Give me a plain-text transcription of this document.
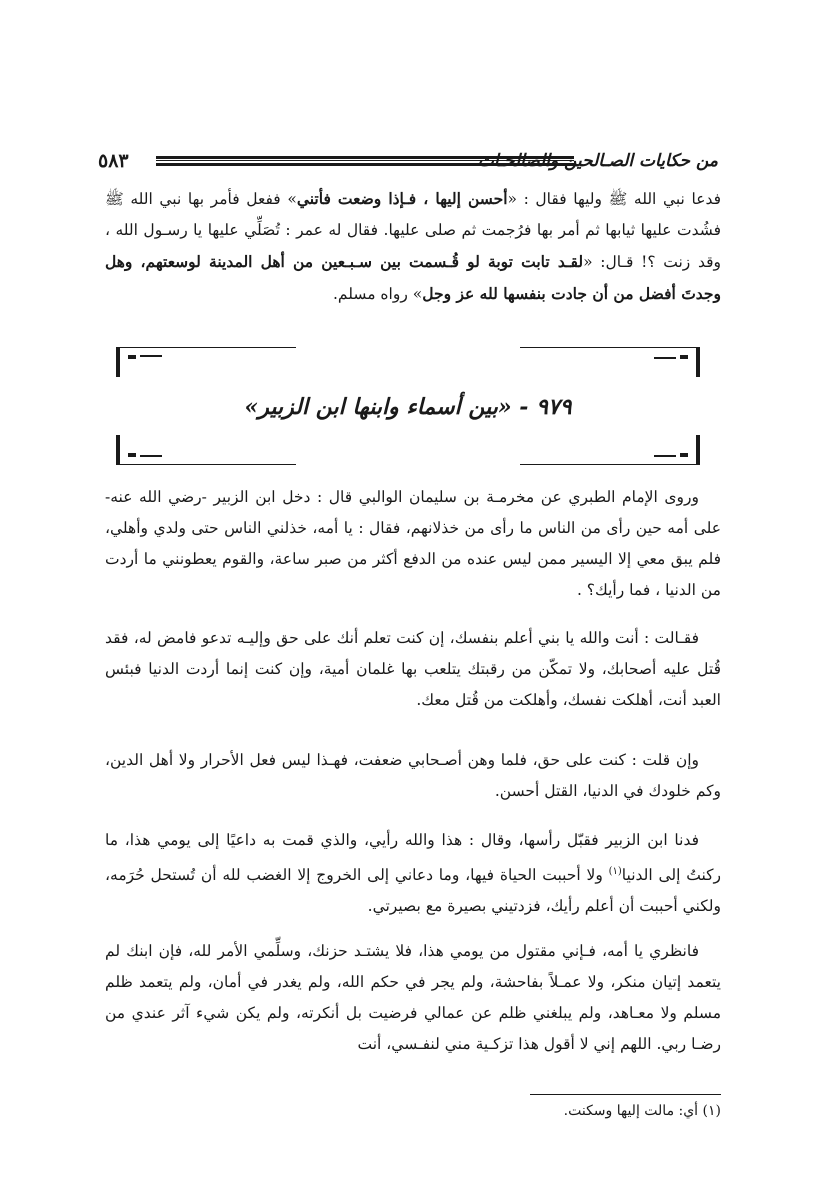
٥٨٣	من حكايات الصـالحين والصالحـات

فدعا نبي الله ﷺ وليها فقال : «أحسن إليها ، فـإذا وضعت فأتني» ففعل فأمر بها نبي الله ﷺ فشُدت عليها ثيابها ثم أمر بها فرُجمت ثم صلى عليها. فقال له عمر : تُصَلِّي عليها يا رسـول الله ، وقد زنت ؟! قـال: «لقـد تابت توبة لو قُـسمت بين سـبـعين من أهل المدينة لوسعتهم، وهل وجدتَ أفضل من أن جادت بنفسها لله عز وجل» رواه مسلم.

٩٧٩ - «بين أسماء وابنها ابن الزبير»

وروى الإمام الطبري عن مخرمـة بن سليمان الوالبي قال : دخل ابن الزبير -رضي الله عنه- على أمه حين رأى من الناس ما رأى من خذلانهم، فقال : يا أمه، خذلني الناس حتى ولدي وأهلي، فلم يبق معي إلا اليسير ممن ليس عنده من الدفع أكثر من صبر ساعة، والقوم يعطونني ما أردت من الدنيا ، فما رأيك؟ .

فقـالت : أنت والله يا بني أعلم بنفسك، إن كنت تعلم أنك على حق وإليـه تدعو فامض له، فقد قُتل عليه أصحابك، ولا تمكّن من رقبتك يتلعب بها غلمان أمية، وإن كنت إنما أردت الدنيا فبئس العبد أنت، أهلكت نفسك، وأهلكت من قُتل معك.

وإن قلت : كنت على حق، فلما وهن أصـحابي ضعفت، فهـذا ليس فعل الأحرار ولا أهل الدين، وكم خلودك في الدنيا، القتل أحسن.

فدنا ابن الزبير فقبّل رأسها، وقال : هذا والله رأيي، والذي قمت به داعيًا إلى يومي هذا، ما ركنتُ إلى الدنيا$^{(١)}$ ولا أحببت الحياة فيها، وما دعاني إلى الخروج إلا الغضب لله أن تُستحل حُرَمه، ولكني أحببت أن أعلم رأيك، فزدتيني بصيرة مع بصيرتي.

فانظري يا أمه، فـإني مقتول من يومي هذا، فلا يشتـد حزنك، وسلِّمي الأمر لله، فإن ابنك لم يتعمد إتيان منكر، ولا عمـلاً بفاحشة، ولم يجر في حكم الله، ولم يغدر في أمان، ولم يتعمد ظلم مسلم ولا معـاهد، ولم يبلغني ظلم عن عمالي فرضيت بل أنكرته، ولم يكن شيء آثر عندي من رضـا ربي. اللهم إني لا أقول هذا تزكـية مني لنفـسي، أنت

(١) أي: مالت إليها وسكنت.
